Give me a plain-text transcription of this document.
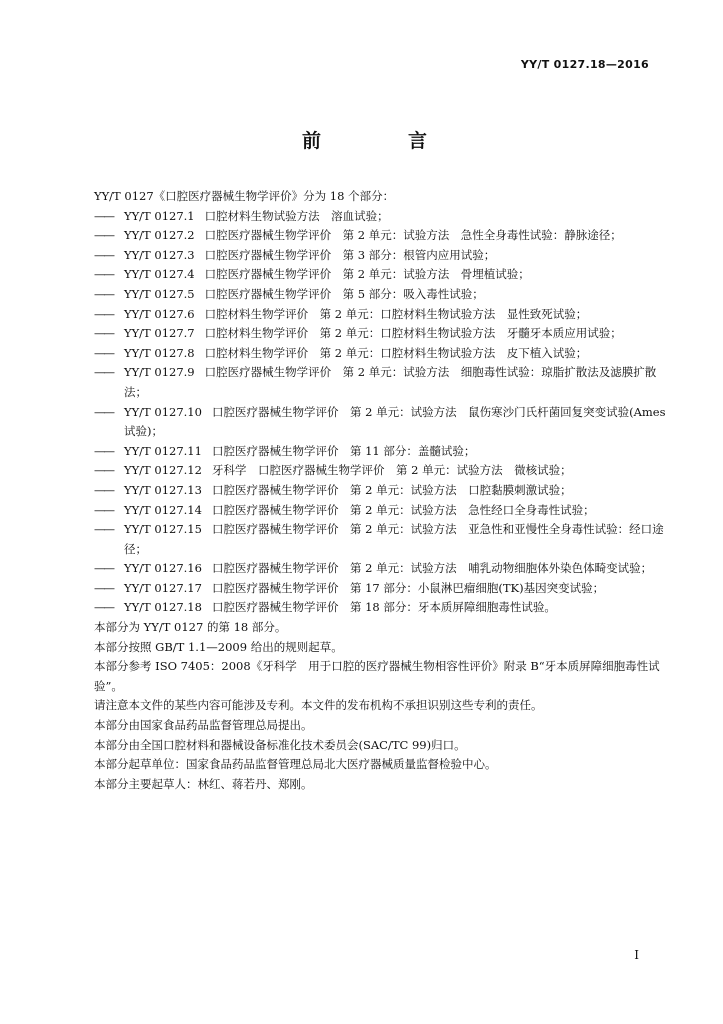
YY/T 0127.18—2016
前　言

YY/T 0127《口腔医疗器械生物学评价》分为 18 个部分：

—— YY/T 0127.1 口腔材料生物试验方法　溶血试验；
—— YY/T 0127.2 口腔医疗器械生物学评价　第 2 单元：试验方法　急性全身毒性试验：静脉途径；
—— YY/T 0127.3 口腔医疗器械生物学评价　第 3 部分：根管内应用试验；
—— YY/T 0127.4 口腔医疗器械生物学评价　第 2 单元：试验方法　骨埋植试验；
—— YY/T 0127.5 口腔医疗器械生物学评价　第 5 部分：吸入毒性试验；
—— YY/T 0127.6 口腔材料生物学评价　第 2 单元：口腔材料生物试验方法　显性致死试验；
—— YY/T 0127.7 口腔材料生物学评价　第 2 单元：口腔材料生物试验方法　牙髓牙本质应用试验；
—— YY/T 0127.8 口腔材料生物学评价　第 2 单元：口腔材料生物试验方法　皮下植入试验；
—— YY/T 0127.9 口腔医疗器械生物学评价　第 2 单元：试验方法　细胞毒性试验：琼脂扩散法及滤膜扩散法；
—— YY/T 0127.10 口腔医疗器械生物学评价　第 2 单元：试验方法　鼠伤寒沙门氏杆菌回复突变试验(Ames 试验)；
—— YY/T 0127.11 口腔医疗器械生物学评价　第 11 部分：盖髓试验；
—— YY/T 0127.12 牙科学　口腔医疗器械生物学评价　第 2 单元：试验方法　微核试验；
—— YY/T 0127.13 口腔医疗器械生物学评价　第 2 单元：试验方法　口腔黏膜刺激试验；
—— YY/T 0127.14 口腔医疗器械生物学评价　第 2 单元：试验方法　急性经口全身毒性试验；
—— YY/T 0127.15 口腔医疗器械生物学评价　第 2 单元：试验方法　亚急性和亚慢性全身毒性试验：经口途径；
—— YY/T 0127.16 口腔医疗器械生物学评价　第 2 单元：试验方法　哺乳动物细胞体外染色体畸变试验；
—— YY/T 0127.17 口腔医疗器械生物学评价　第 17 部分：小鼠淋巴瘤细胞(TK)基因突变试验；
—— YY/T 0127.18 口腔医疗器械生物学评价　第 18 部分：牙本质屏障细胞毒性试验。

本部分为 YY/T 0127 的第 18 部分。

本部分按照 GB/T 1.1—2009 给出的规则起草。

本部分参考 ISO 7405：2008《牙科学　用于口腔的医疗器械生物相容性评价》附录 B“牙本质屏障细胞毒性试验”。

请注意本文件的某些内容可能涉及专利。本文件的发布机构不承担识别这些专利的责任。

本部分由国家食品药品监督管理总局提出。

本部分由全国口腔材料和器械设备标准化技术委员会(SAC/TC 99)归口。

本部分起草单位：国家食品药品监督管理总局北大医疗器械质量监督检验中心。

本部分主要起草人：林红、蒋若丹、郑刚。

I
